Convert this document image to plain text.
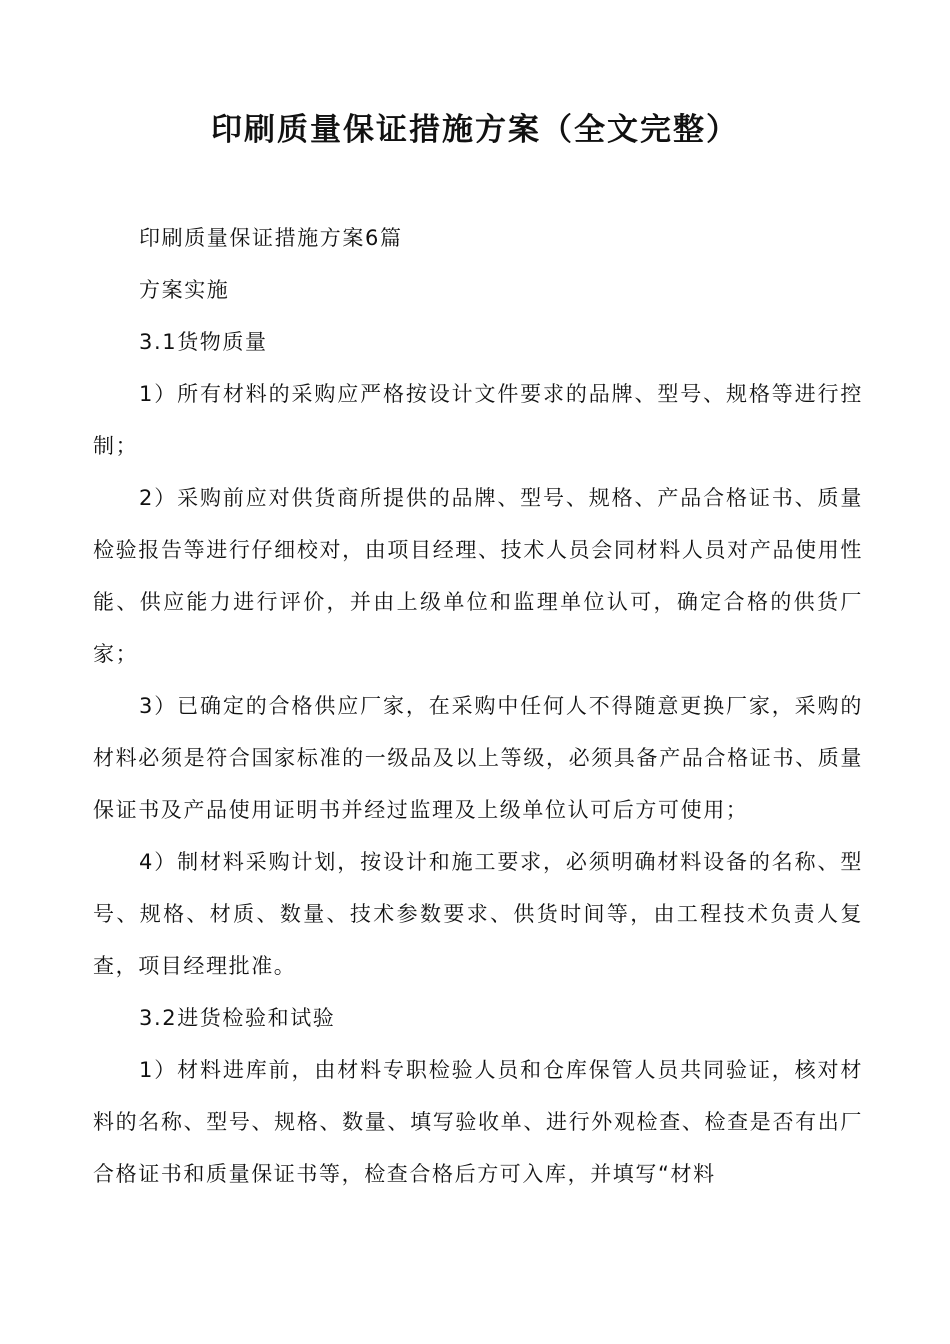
印刷质量保证措施方案（全文完整）

印刷质量保证措施方案6篇

方案实施

3.1货物质量

1）所有材料的采购应严格按设计文件要求的品牌、型号、规格等进行控制；

2）采购前应对供货商所提供的品牌、型号、规格、产品合格证书、质量检验报告等进行仔细校对，由项目经理、技术人员会同材料人员对产品使用性能、供应能力进行评价，并由上级单位和监理单位认可，确定合格的供货厂家；

3）已确定的合格供应厂家，在采购中任何人不得随意更换厂家，采购的材料必须是符合国家标准的一级品及以上等级，必须具备产品合格证书、质量保证书及产品使用证明书并经过监理及上级单位认可后方可使用；

4）制材料采购计划，按设计和施工要求，必须明确材料设备的名称、型号、规格、材质、数量、技术参数要求、供货时间等，由工程技术负责人复查，项目经理批准。

3.2进货检验和试验

1）材料进库前，由材料专职检验人员和仓库保管人员共同验证，核对材料的名称、型号、规格、数量、填写验收单、进行外观检查、检查是否有出厂合格证书和质量保证书等，检查合格后方可入库，并填写“材料
